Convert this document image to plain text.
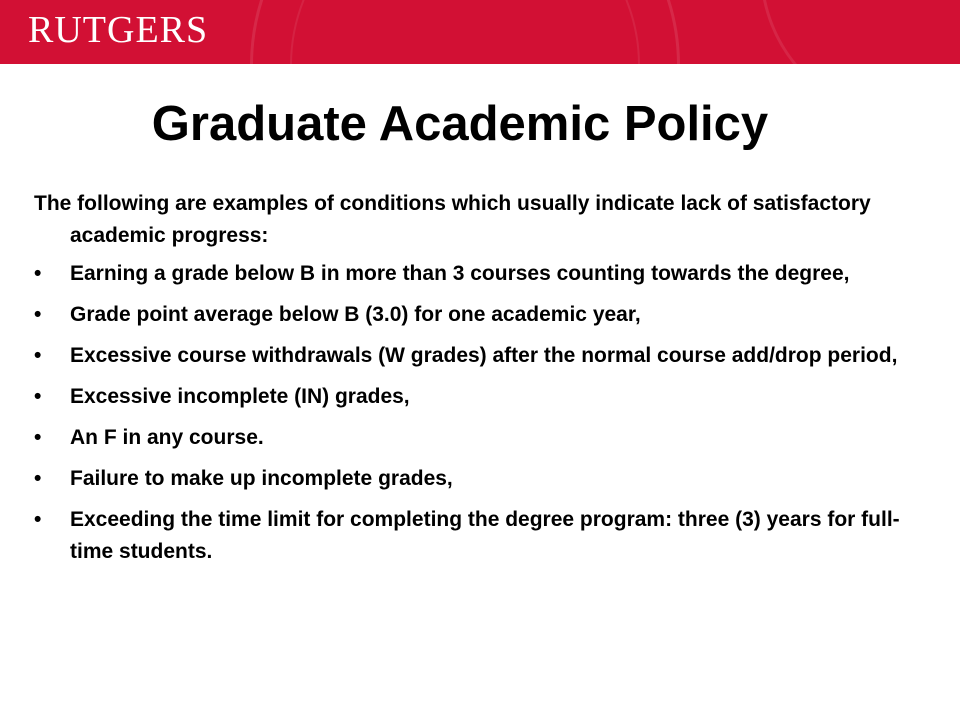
RUTGERS
Graduate Academic Policy

The following are examples of conditions which usually indicate lack of satisfactory academic progress:

• Earning a grade below B in more than 3 courses counting towards the degree,
• Grade point average below B (3.0) for one academic year,
• Excessive course withdrawals (W grades) after the normal course add/drop period,
• Excessive incomplete (IN) grades,
• An F in any course.
• Failure to make up incomplete grades,
• Exceeding the time limit for completing the degree program: three (3) years for full-time students.
